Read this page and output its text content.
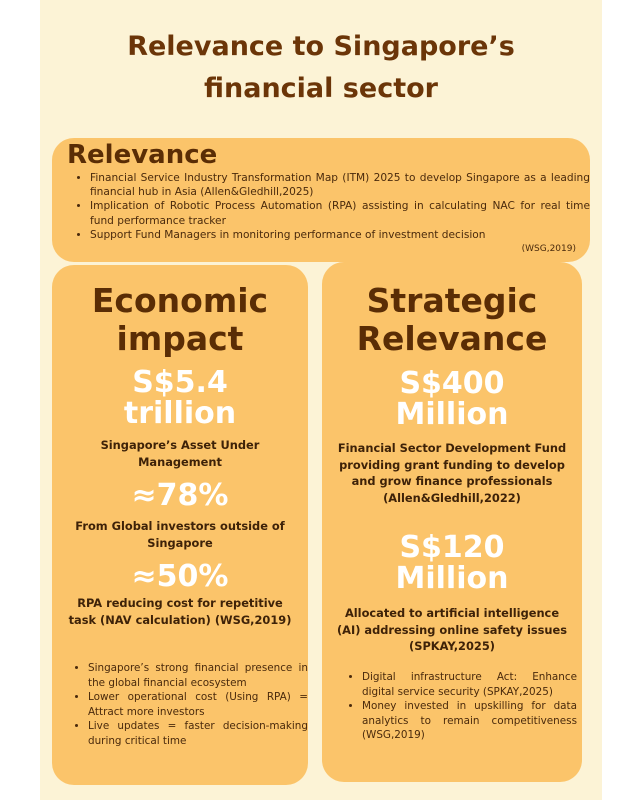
Relevance to Singapore’s
financial sector
Relevance
• Financial Service Industry Transformation Map (ITM) 2025 to develop Singapore as a leading financial hub in Asia (Allen&Gledhill,2025)
• Implication of Robotic Process Automation (RPA) assisting in calculating NAC for real time fund performance tracker
• Support Fund Managers in monitoring performance of investment decision
(WSG,2019)
Economic
impact
S$5.4
trillion
Singapore’s Asset Under
Management
≈78%
From Global investors outside of
Singapore
≈50%
RPA reducing cost for repetitive
task (NAV calculation) (WSG,2019)
• Singapore’s strong financial presence in the global financial ecosystem
• Lower operational cost (Using RPA) = Attract more investors
• Live updates = faster decision-making during critical time
Strategic
Relevance
S$400
Million
Financial Sector Development Fund
providing grant funding to develop
and grow finance professionals
(Allen&Gledhill,2022)
S$120
Million
Allocated to artificial intelligence
(AI) addressing online safety issues
(SPKAY,2025)
• Digital infrastructure Act: Enhance digital service security (SPKAY,2025)
• Money invested in upskilling for data analytics to remain competitiveness (WSG,2019)
